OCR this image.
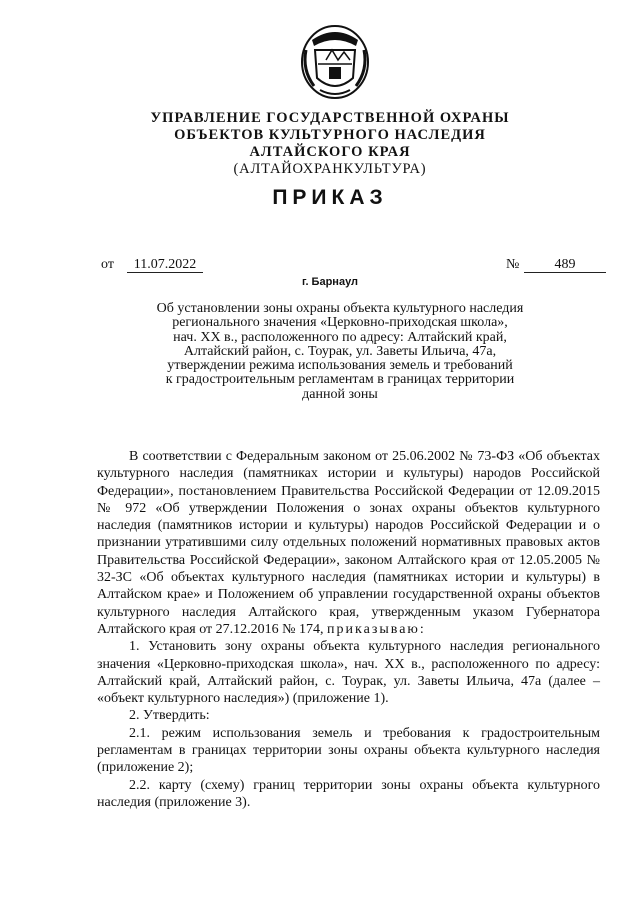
УПРАВЛЕНИЕ ГОСУДАРСТВЕННОЙ ОХРАНЫ
ОБЪЕКТОВ КУЛЬТУРНОГО НАСЛЕДИЯ
АЛТАЙСКОГО КРАЯ
(АЛТАЙОХРАНКУЛЬТУРА)
ПРИКАЗ
от	11.07.2022	№	489
г. Барнаул
Об установлении зоны охраны объекта культурного наследия
регионального значения «Церковно-приходская школа»,
нач. ХХ в., расположенного по адресу: Алтайский край,
Алтайский район, с. Тоурак, ул. Заветы Ильича, 47а,
утверждении режима использования земель и требований
к градостроительным регламентам в границах территории
данной зоны

В соответствии с Федеральным законом от 25.06.2002 № 73-ФЗ «Об объектах культурного наследия (памятниках истории и культуры) народов Российской Федерации», постановлением Правительства Российской Федерации от 12.09.2015 № 972 «Об утверждении Положения о зонах охраны объектов культурного наследия (памятников истории и культуры) народов Российской Федерации и о признании утратившими силу отдельных положений нормативных правовых актов Правительства Российской Федерации», законом Алтайского края от 12.05.2005 № 32-ЗС «Об объектах культурного наследия (памятниках истории и культуры) в Алтайском крае» и Положением об управлении государственной охраны объектов культурного наследия Алтайского края, утвержденным указом Губернатора Алтайского края от 27.12.2016 № 174, приказываю:

1. Установить зону охраны объекта культурного наследия регионального значения «Церковно-приходская школа», нач. ХХ в., расположенного по адресу: Алтайский край, Алтайский район, с. Тоурак, ул. Заветы Ильича, 47а (далее – «объект культурного наследия») (приложение 1).

2. Утвердить:

2.1. режим использования земель и требования к градостроительным регламентам в границах территории зоны охраны объекта культурного наследия (приложение 2);

2.2. карту (схему) границ территории зоны охраны объекта культурного наследия (приложение 3).
